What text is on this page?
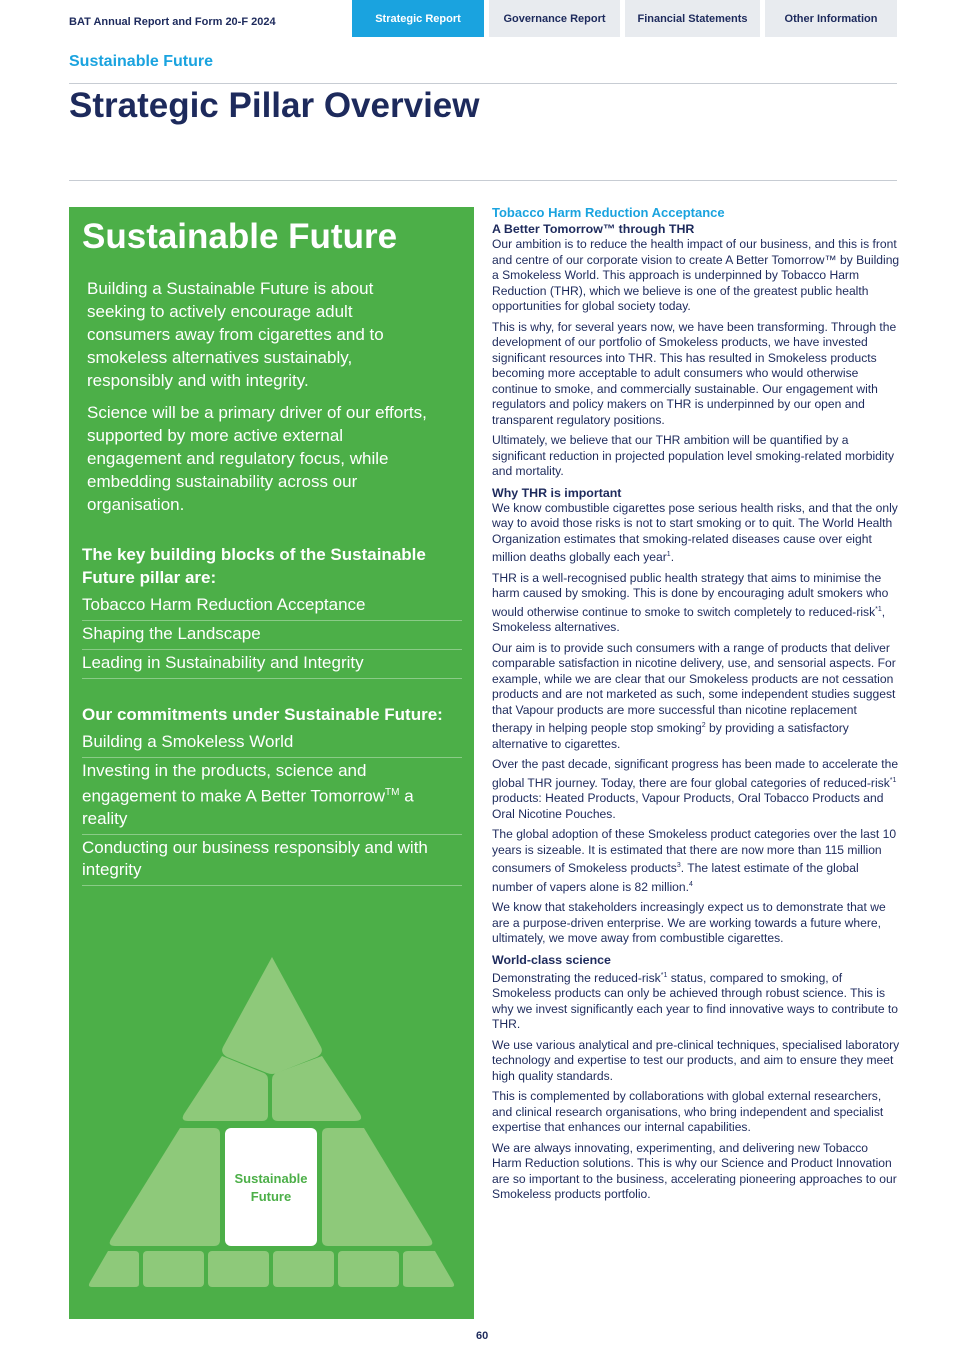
BAT Annual Report and Form 20-F 2024	Strategic Report	Governance Report	Financial Statements	Other Information
Sustainable Future
Strategic Pillar Overview
Sustainable Future

Building a Sustainable Future is about seeking to actively encourage adult consumers away from cigarettes and to smokeless alternatives sustainably, responsibly and with integrity.

Science will be a primary driver of our efforts, supported by more active external engagement and regulatory focus, while embedding sustainability across our organisation.

The key building blocks of the Sustainable Future pillar are:
Tobacco Harm Reduction Acceptance
Shaping the Landscape
Leading in Sustainability and Integrity
Our commitments under Sustainable Future:
Building a Smokeless World
Investing in the products, science and engagement to make A Better Tomorrow™ a reality
Conducting our business responsibly and with integrity
Sustainable
Future
Tobacco Harm Reduction Acceptance
A Better Tomorrow™ through THR

Our ambition is to reduce the health impact of our business, and this is front and centre of our corporate vision to create A Better Tomorrow™ by Building a Smokeless World. This approach is underpinned by Tobacco Harm Reduction (THR), which we believe is one of the greatest public health opportunities for global society today.

This is why, for several years now, we have been transforming. Through the development of our portfolio of Smokeless products, we have invested significant resources into THR. This has resulted in Smokeless products becoming more acceptable to adult consumers who would otherwise continue to smoke, and commercially sustainable. Our engagement with regulators and policy makers on THR is underpinned by our open and transparent regulatory positions.

Ultimately, we believe that our THR ambition will be quantified by a significant reduction in projected population level smoking-related morbidity and mortality.

Why THR is important

We know combustible cigarettes pose serious health risks, and that the only way to avoid those risks is not to start smoking or to quit. The World Health Organization estimates that smoking-related diseases cause over eight million deaths globally each year$^1$.

THR is a well-recognised public health strategy that aims to minimise the harm caused by smoking. This is done by encouraging adult smokers who would otherwise continue to smoke to switch completely to reduced-risk$^{*1}$, Smokeless alternatives.

Our aim is to provide such consumers with a range of products that deliver comparable satisfaction in nicotine delivery, use, and sensorial aspects. For example, while we are clear that our Smokeless products are not cessation products and are not marketed as such, some independent studies suggest that Vapour products are more successful than nicotine replacement therapy in helping people stop smoking$^2$ by providing a satisfactory alternative to cigarettes.

Over the past decade, significant progress has been made to accelerate the global THR journey. Today, there are four global categories of reduced-risk$^{*1}$ products: Heated Products, Vapour Products, Oral Tobacco Products and Oral Nicotine Pouches.

The global adoption of these Smokeless product categories over the last 10 years is sizeable. It is estimated that there are now more than 115 million consumers of Smokeless products$^3$. The latest estimate of the global number of vapers alone is 82 million.$^4$

We know that stakeholders increasingly expect us to demonstrate that we are a purpose-driven enterprise. We are working towards a future where, ultimately, we move away from combustible cigarettes.

World-class science

Demonstrating the reduced-risk$^{*1}$ status, compared to smoking, of Smokeless products can only be achieved through robust science. This is why we invest significantly each year to find innovative ways to contribute to THR.

We use various analytical and pre-clinical techniques, specialised laboratory technology and expertise to test our products, and aim to ensure they meet high quality standards.

This is complemented by collaborations with global external researchers, and clinical research organisations, who bring independent and specialist expertise that enhances our internal capabilities.

We are always innovating, experimenting, and delivering new Tobacco Harm Reduction solutions. This is why our Science and Product Innovation are so important to the business, accelerating pioneering approaches to our Smokeless products portfolio.

60
